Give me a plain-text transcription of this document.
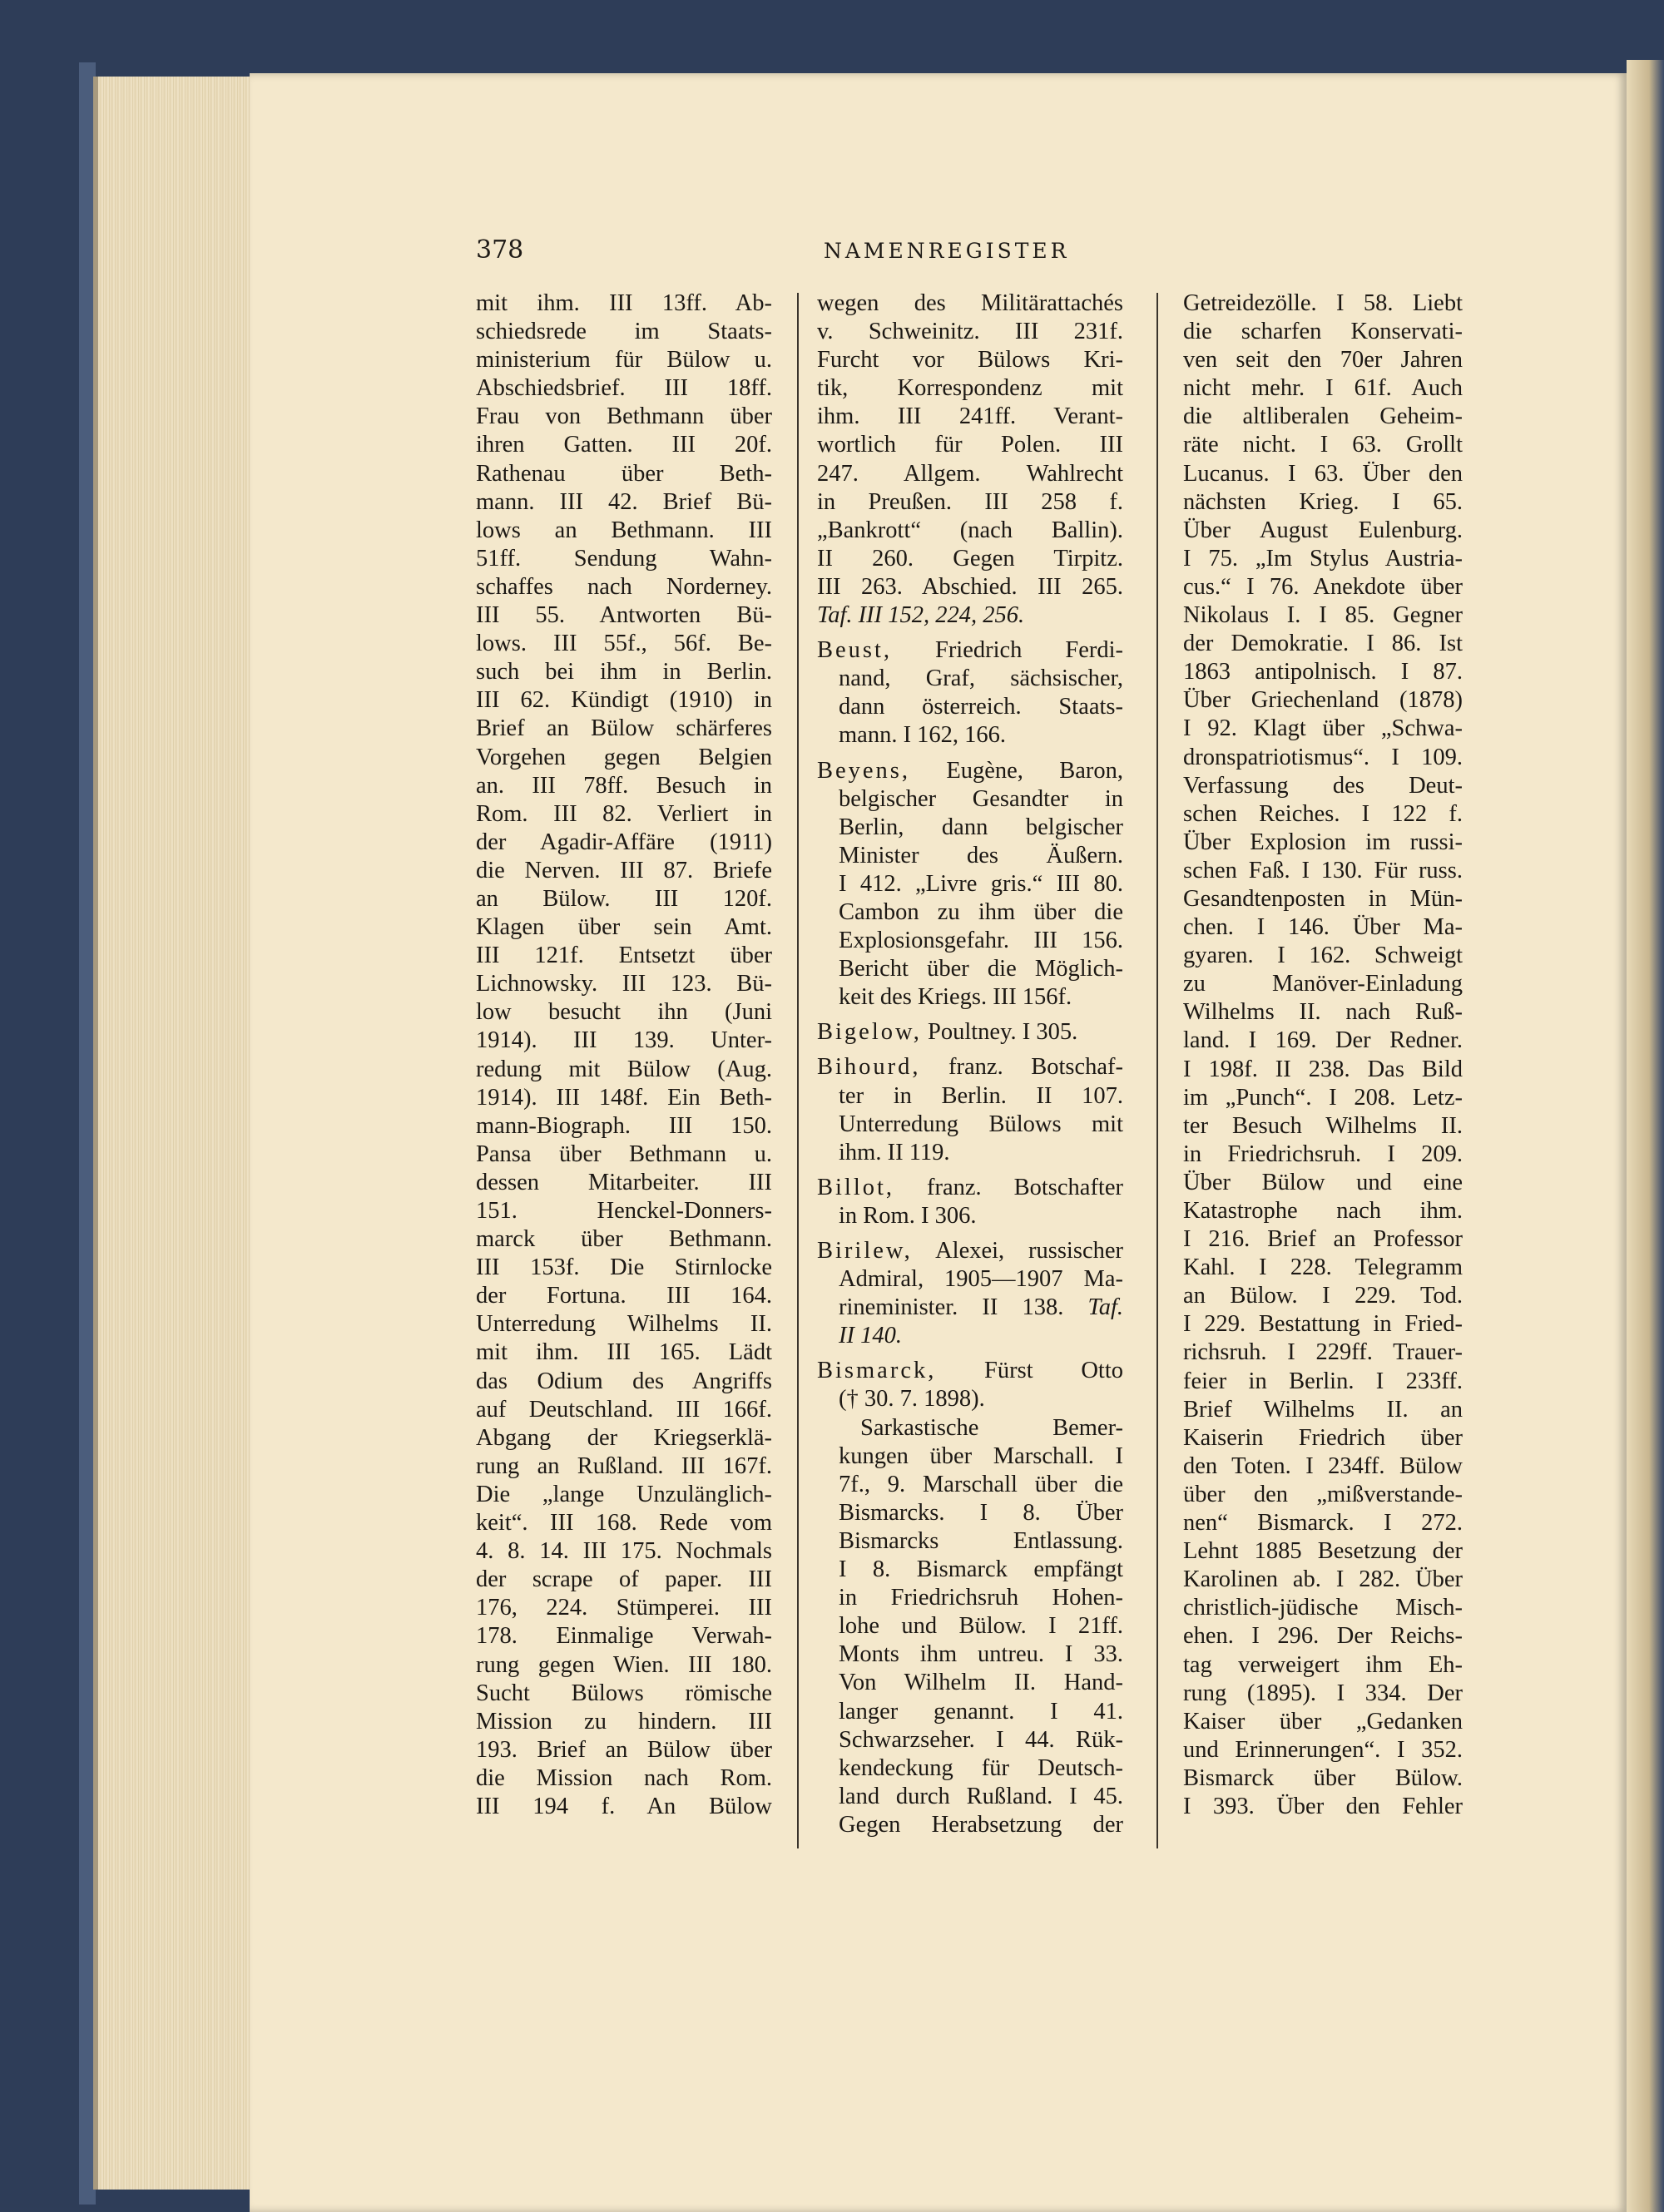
378	NAMENREGISTER
mit ihm. III 13ff. Ab-
schiedsrede im Staats-
ministerium für Bülow u.
Abschiedsbrief. III 18ff.
Frau von Bethmann über
ihren Gatten. III 20f.
Rathenau über Beth-
mann. III 42. Brief Bü-
lows an Bethmann. III
51ff. Sendung Wahn-
schaffes nach Norderney.
III 55. Antworten Bü-
lows. III 55f., 56f. Be-
such bei ihm in Berlin.
III 62. Kündigt (1910) in
Brief an Bülow schärferes
Vorgehen gegen Belgien
an. III 78ff. Besuch in
Rom. III 82. Verliert in
der Agadir-Affäre (1911)
die Nerven. III 87. Briefe
an Bülow. III 120f.
Klagen über sein Amt.
III 121f. Entsetzt über
Lichnowsky. III 123. Bü-
low besucht ihn (Juni
1914). III 139. Unter-
redung mit Bülow (Aug.
1914). III 148f. Ein Beth-
mann-Biograph. III 150.
Pansa über Bethmann u.
dessen Mitarbeiter. III
151. Henckel-Donners-
marck über Bethmann.
III 153f. Die Stirnlocke
der Fortuna. III 164.
Unterredung Wilhelms II.
mit ihm. III 165. Lädt
das Odium des Angriffs
auf Deutschland. III 166f.
Abgang der Kriegserklä-
rung an Rußland. III 167f.
Die „lange Unzulänglich-
keit“. III 168. Rede vom
4. 8. 14. III 175. Nochmals
der scrape of paper. III
176, 224. Stümperei. III
178. Einmalige Verwah-
rung gegen Wien. III 180.
Sucht Bülows römische
Mission zu hindern. III
193. Brief an Bülow über
die Mission nach Rom.
III 194 f. An Bülow
wegen des Militärattachés
v. Schweinitz. III 231f.
Furcht vor Bülows Kri-
tik, Korrespondenz mit
ihm. III 241ff. Verant-
wortlich für Polen. III
247. Allgem. Wahlrecht
in Preußen. III 258 f.
„Bankrott“ (nach Ballin).
II 260. Gegen Tirpitz.
III 263. Abschied. III 265.
Taf. III 152, 224, 256.
Beust, Friedrich Ferdi-
nand, Graf, sächsischer,
dann österreich. Staats-
mann. I 162, 166.
Beyens, Eugène, Baron,
belgischer Gesandter in
Berlin, dann belgischer
Minister des Äußern.
I 412. „Livre gris.“ III 80.
Cambon zu ihm über die
Explosionsgefahr. III 156.
Bericht über die Möglich-
keit des Kriegs. III 156f.
Bigelow, Poultney. I 305.
Bihourd, franz. Botschaf-
ter in Berlin. II 107.
Unterredung Bülows mit
ihm. II 119.
Billot, franz. Botschafter
in Rom. I 306.
Birilew, Alexei, russischer
Admiral, 1905—1907 Ma-
rineminister. II 138. Taf.
II 140.
Bismarck, Fürst Otto
(† 30. 7. 1898).
Sarkastische Bemer-
kungen über Marschall. I
7f., 9. Marschall über die
Bismarcks. I 8. Über
Bismarcks Entlassung.
I 8. Bismarck empfängt
in Friedrichsruh Hohen-
lohe und Bülow. I 21ff.
Monts ihm untreu. I 33.
Von Wilhelm II. Hand-
langer genannt. I 41.
Schwarzseher. I 44. Rük-
kendeckung für Deutsch-
land durch Rußland. I 45.
Gegen Herabsetzung der
Getreidezölle. I 58. Liebt
die scharfen Konservati-
ven seit den 70er Jahren
nicht mehr. I 61f. Auch
die altliberalen Geheim-
räte nicht. I 63. Grollt
Lucanus. I 63. Über den
nächsten Krieg. I 65.
Über August Eulenburg.
I 75. „Im Stylus Austria-
cus.“ I 76. Anekdote über
Nikolaus I. I 85. Gegner
der Demokratie. I 86. Ist
1863 antipolnisch. I 87.
Über Griechenland (1878)
I 92. Klagt über „Schwa-
dronspatriotismus“. I 109.
Verfassung des Deut-
schen Reiches. I 122 f.
Über Explosion im russi-
schen Faß. I 130. Für russ.
Gesandtenposten in Mün-
chen. I 146. Über Ma-
gyaren. I 162. Schweigt
zu Manöver-Einladung
Wilhelms II. nach Ruß-
land. I 169. Der Redner.
I 198f. II 238. Das Bild
im „Punch“. I 208. Letz-
ter Besuch Wilhelms II.
in Friedrichsruh. I 209.
Über Bülow und eine
Katastrophe nach ihm.
I 216. Brief an Professor
Kahl. I 228. Telegramm
an Bülow. I 229. Tod.
I 229. Bestattung in Fried-
richsruh. I 229ff. Trauer-
feier in Berlin. I 233ff.
Brief Wilhelms II. an
Kaiserin Friedrich über
den Toten. I 234ff. Bülow
über den „mißverstande-
nen“ Bismarck. I 272.
Lehnt 1885 Besetzung der
Karolinen ab. I 282. Über
christlich-jüdische Misch-
ehen. I 296. Der Reichs-
tag verweigert ihm Eh-
rung (1895). I 334. Der
Kaiser über „Gedanken
und Erinnerungen“. I 352.
Bismarck über Bülow.
I 393. Über den Fehler
